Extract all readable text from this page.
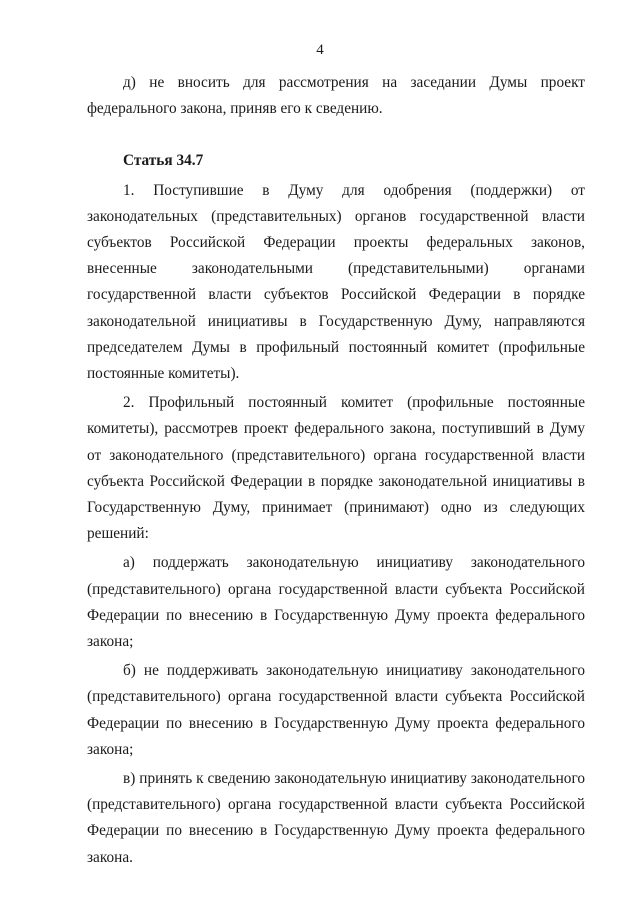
4

д) не вносить для рассмотрения на заседании Думы проект федерального закона, приняв его к сведению.

Статья 34.7

1. Поступившие в Думу для одобрения (поддержки) от законодательных (представительных) органов государственной власти субъектов Российской Федерации проекты федеральных законов, внесенные законодательными (представительными) органами государственной власти субъектов Российской Федерации в порядке законодательной инициативы в Государственную Думу, направляются председателем Думы в профильный постоянный комитет (профильные постоянные комитеты).

2. Профильный постоянный комитет (профильные постоянные комитеты), рассмотрев проект федерального закона, поступивший в Думу от законодательного (представительного) органа государственной власти субъекта Российской Федерации в порядке законодательной инициативы в Государственную Думу, принимает (принимают) одно из следующих решений:

а) поддержать законодательную инициативу законодательного (представительного) органа государственной власти субъекта Российской Федерации по внесению в Государственную Думу проекта федерального закона;

б) не поддерживать законодательную инициативу законодательного (представительного) органа государственной власти субъекта Российской Федерации по внесению в Государственную Думу проекта федерального закона;

в) принять к сведению законодательную инициативу законодательного (представительного) органа государственной власти субъекта Российской Федерации по внесению в Государственную Думу проекта федерального закона.
